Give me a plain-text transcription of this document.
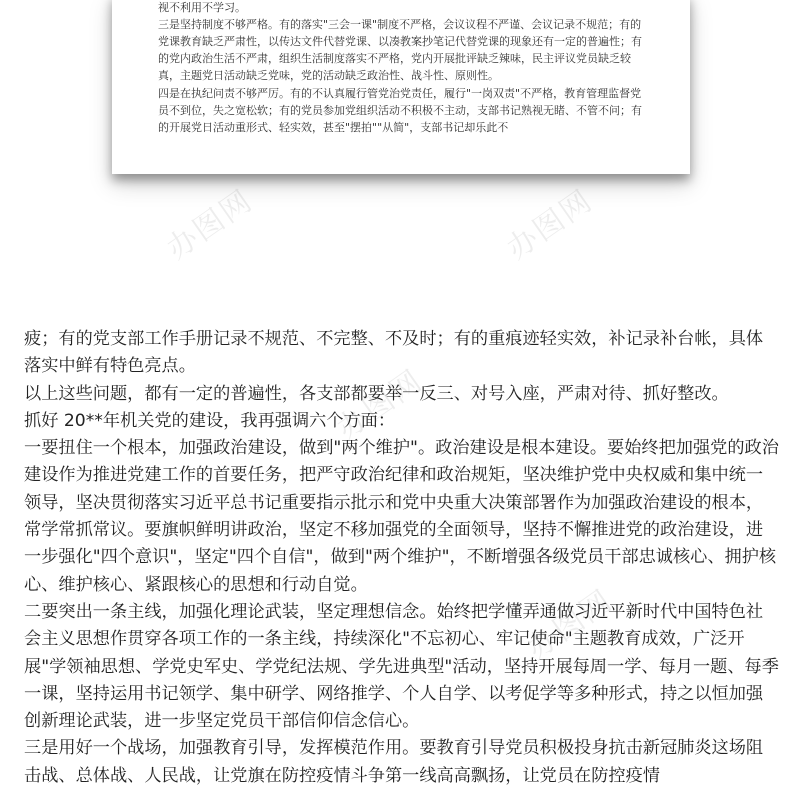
视不利用不学习。

三是坚持制度不够严格。有的落实"三会一课"制度不严格，会议议程不严谨、会议记录不规范；有的党课教育缺乏严肃性，以传达文件代替党课、以凑教案抄笔记代替党课的现象还有一定的普遍性；有的党内政治生活不严肃，组织生活制度落实不严格，党内开展批评缺乏辣味，民主评议党员缺乏较真，主题党日活动缺乏党味，党的活动缺乏政治性、战斗性、原则性。

四是在执纪问责不够严厉。有的不认真履行管党治党责任，履行"一岗双责"不严格，教育管理监督党员不到位，失之宽松软；有的党员参加党组织活动不积极不主动，支部书记熟视无睹、不管不问；有的开展党日活动重形式、轻实效，甚至"摆拍""从简"，支部书记却乐此不

办图网	办图网
办图网
办图网

疲；有的党支部工作手册记录不规范、不完整、不及时；有的重痕迹轻实效，补记录补台帐，具体落实中鲜有特色亮点。

以上这些问题，都有一定的普遍性，各支部都要举一反三、对号入座，严肃对待、抓好整改。

抓好 20**年机关党的建设，我再强调六个方面：

一要扭住一个根本，加强政治建设，做到"两个维护"。政治建设是根本建设。要始终把加强党的政治建设作为推进党建工作的首要任务，把严守政治纪律和政治规矩，坚决维护党中央权威和集中统一领导，坚决贯彻落实习近平总书记重要指示批示和党中央重大决策部署作为加强政治建设的根本，常学常抓常议。要旗帜鲜明讲政治，坚定不移加强党的全面领导，坚持不懈推进党的政治建设，进一步强化"四个意识"，坚定"四个自信"，做到"两个维护"，不断增强各级党员干部忠诚核心、拥护核心、维护核心、紧跟核心的思想和行动自觉。

二要突出一条主线，加强化理论武装，坚定理想信念。始终把学懂弄通做习近平新时代中国特色社会主义思想作贯穿各项工作的一条主线，持续深化"不忘初心、牢记使命"主题教育成效，广泛开展"学领袖思想、学党史军史、学党纪法规、学先进典型"活动，坚持开展每周一学、每月一题、每季一课，坚持运用书记领学、集中研学、网络推学、个人自学、以考促学等多种形式，持之以恒加强创新理论武装，进一步坚定党员干部信仰信念信心。

三是用好一个战场，加强教育引导，发挥模范作用。要教育引导党员积极投身抗击新冠肺炎这场阻击战、总体战、人民战，让党旗在防控疫情斗争第一线高高飘扬，让党员在防控疫情
